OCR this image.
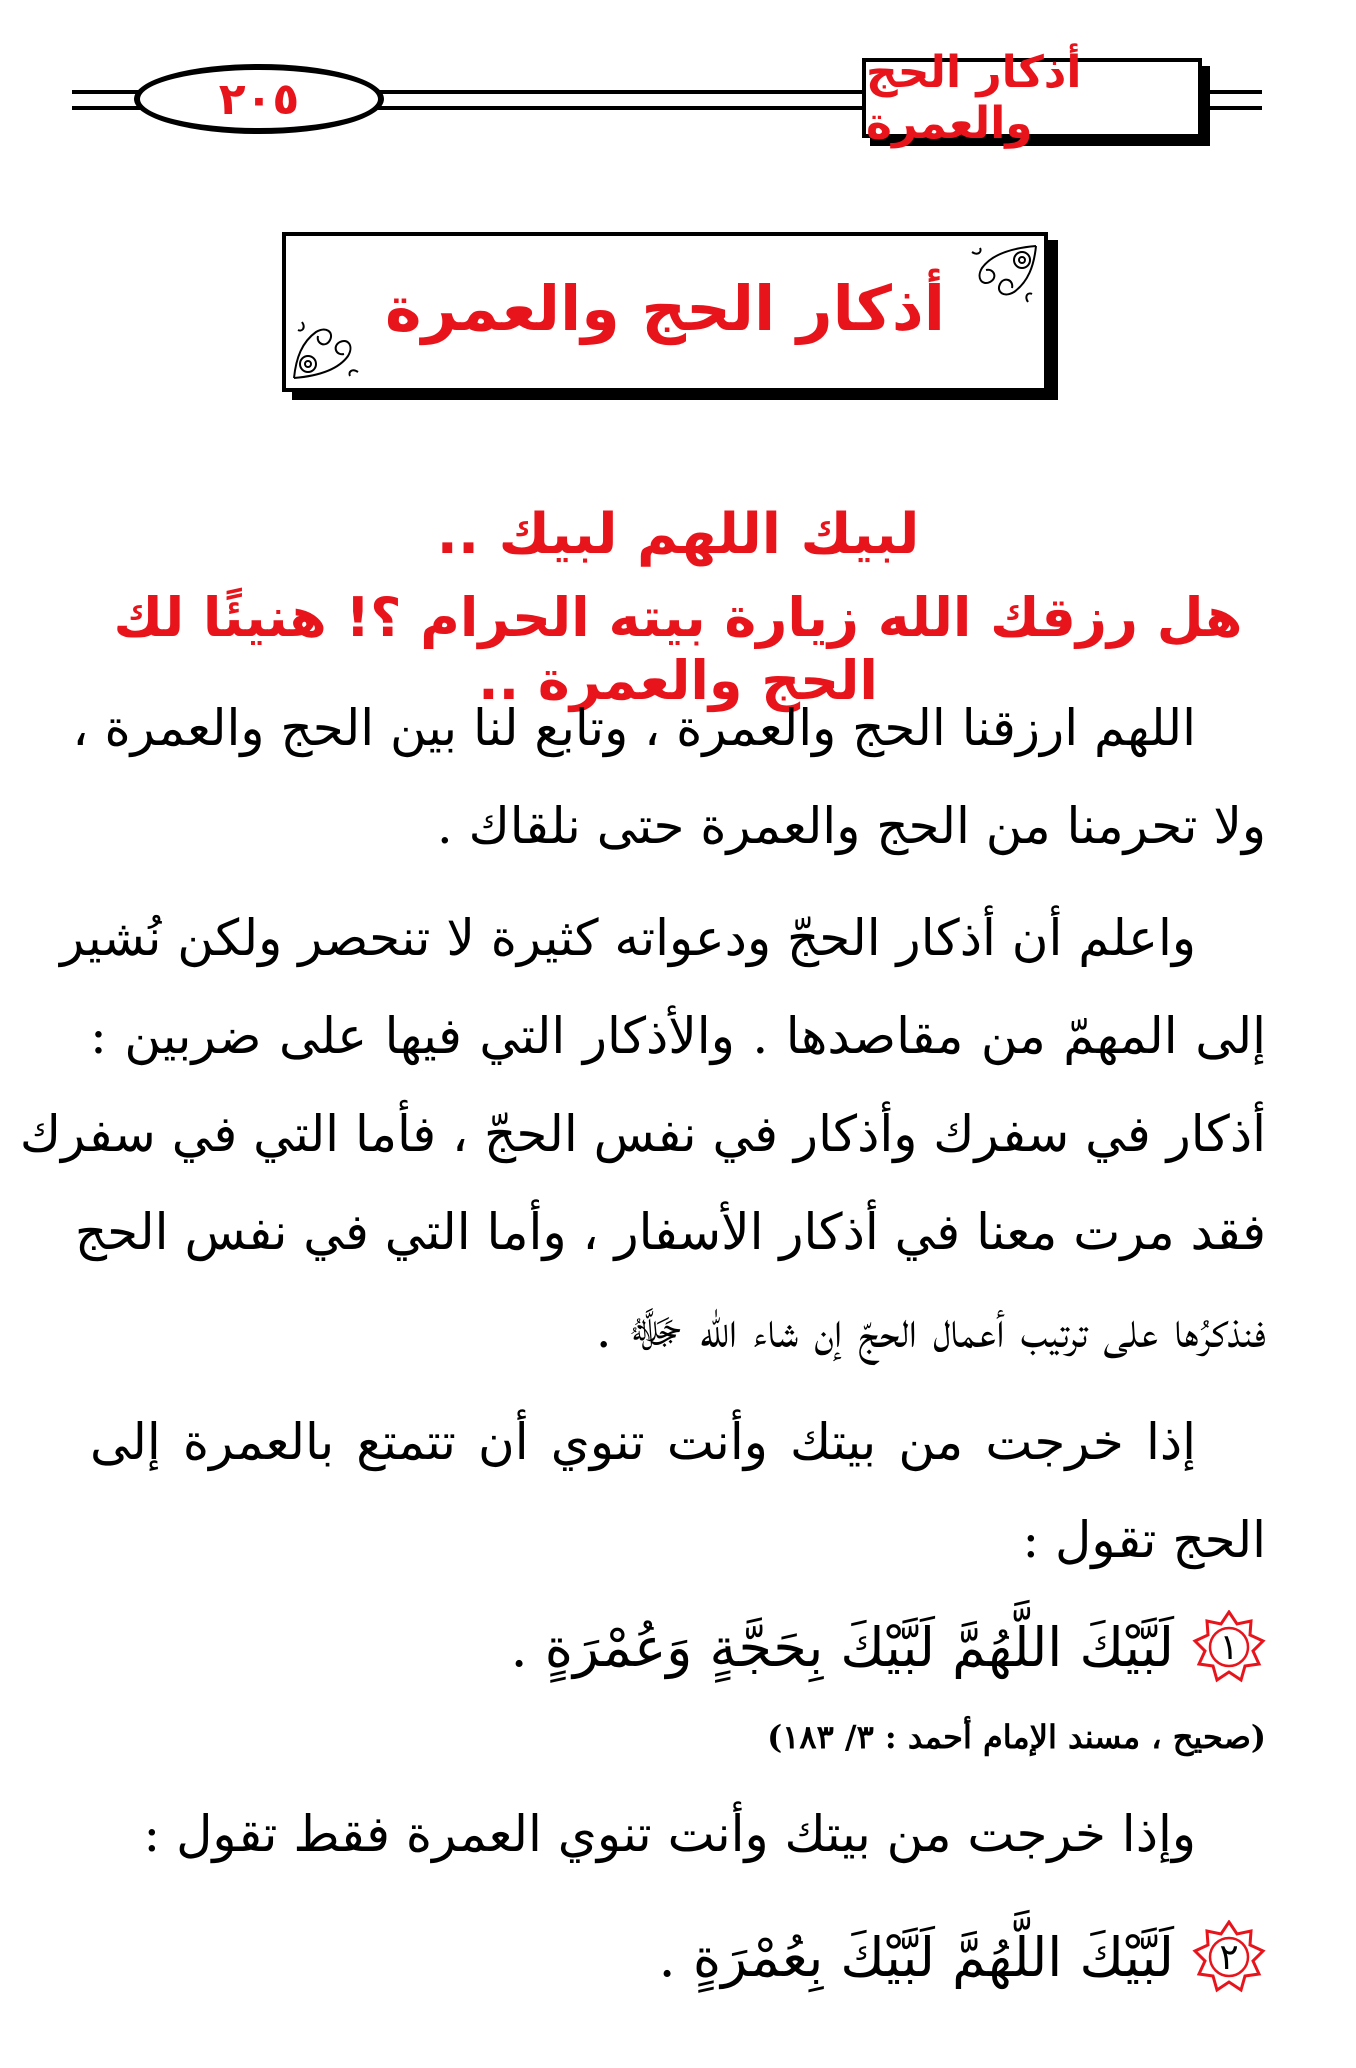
٢٠٥
أذكار الحج والعمرة
أذكار الحج والعمرة
لبيك اللهم لبيك ..
هل رزقك الله زيارة بيته الحرام ؟! هنيئًا لك الحج والعمرة ..
اللهم ارزقنا الحج والعمرة ، وتابع لنا بين الحج والعمرة ،
ولا تحرمنا من الحج والعمرة حتى نلقاك .
واعلم أن أذكار الحجّ ودعواته كثيرة لا تنحصر ولكن نُشير
إلى المهمّ من مقاصدها . والأذكار التي فيها على ضربين :
أذكار في سفرك وأذكار في نفس الحجّ ، فأما التي في سفرك
فقد مرت معنا في أذكار الأسفار ، وأما التي في نفس الحج
فنذكرُها على ترتيب أعمال الحجّ إن شاء اللّه ﷻ .
إذا خرجت من بيتك وأنت تنوي أن تتمتع بالعمرة إلى
الحج تقول :
١
لَبَّيْكَ اللَّهُمَّ لَبَّيْكَ بِحَجَّةٍ وَعُمْرَةٍ .
(صحيح ، مسند الإمام أحمد : ٣/ ١٨٣)
وإذا خرجت من بيتك وأنت تنوي العمرة فقط تقول :
٢
لَبَّيْكَ اللَّهُمَّ لَبَّيْكَ بِعُمْرَةٍ .
